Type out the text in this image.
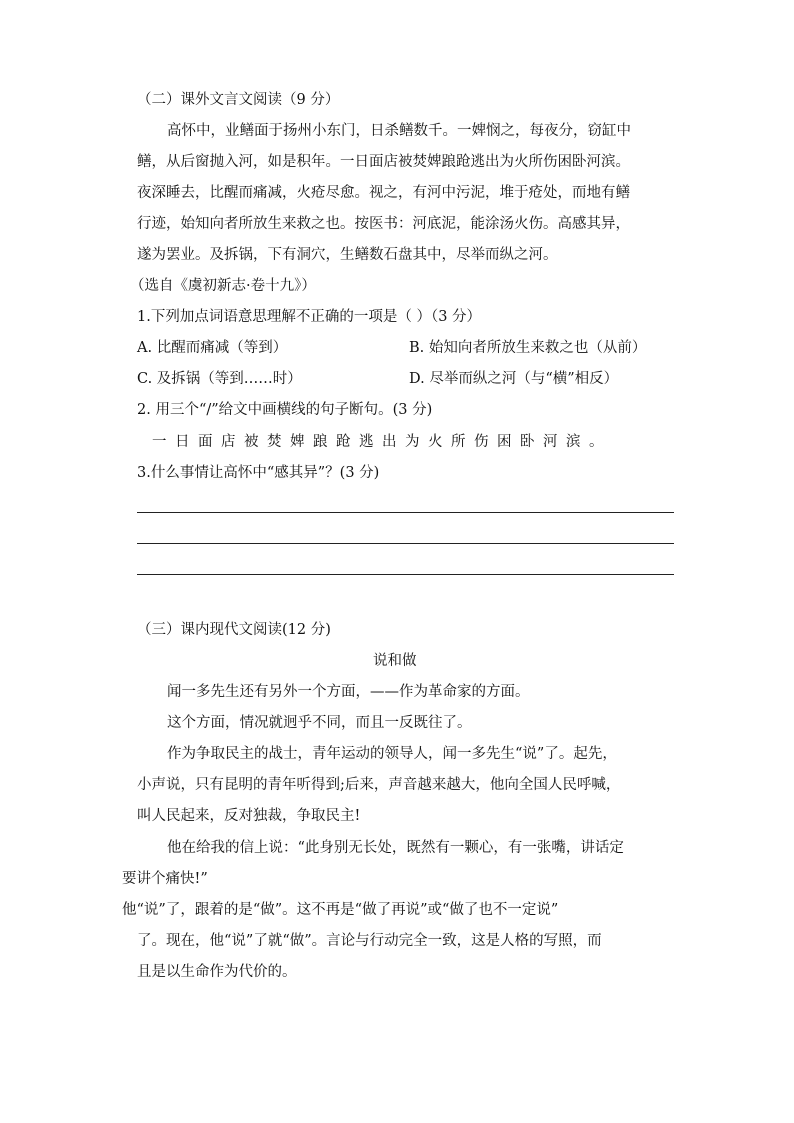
（二）课外文言文阅读（9 分）
高怀中，业鳝面于扬州小东门，日杀鳝数千。一婢悯之，每夜分，窃缸中
鳝，从后窗抛入河，如是积年。一日面店被焚婢踉跄逃出为火所伤困卧河滨。
夜深睡去，比醒而痛减，火疮尽愈。视之，有河中污泥，堆于疮处，而地有鳝
行迹，始知向者所放生来救之也。按医书：河底泥，能涂汤火伤。高感其异，
遂为罢业。及拆锅，下有洞穴，生鳝数石盘其中，尽举而纵之河。
（选自《虞初新志·卷十九》）
1.下列加点词语意思理解不正确的一项是（ ）（3 分）
A. 比醒而痛减（等到）	B. 始知向者所放生来救之也（从前）
C. 及拆锅（等到……时）	D. 尽举而纵之河（与“横”相反）
2. 用三个“/”给文中画横线的句子断句。(3 分)
一日面店被焚婢踉跄逃出为火所伤困卧河滨。
3.什么事情让高怀中“感其异”？(3 分)
（三）课内现代文阅读(12 分)
说和做
闻一多先生还有另外一个方面，——作为革命家的方面。
这个方面，情况就迥乎不同，而且一反既往了。
作为争取民主的战士，青年运动的领导人，闻一多先生“说”了。起先，
小声说，只有昆明的青年听得到;后来，声音越来越大，他向全国人民呼喊，
叫人民起来，反对独裁，争取民主!
他在给我的信上说：“此身别无长处，既然有一颗心，有一张嘴，讲话定
要讲个痛快!”
他“说”了，跟着的是“做”。这不再是“做了再说”或“做了也不一定说”
了。现在，他“说”了就“做”。言论与行动完全一致，这是人格的写照，而
且是以生命作为代价的。
